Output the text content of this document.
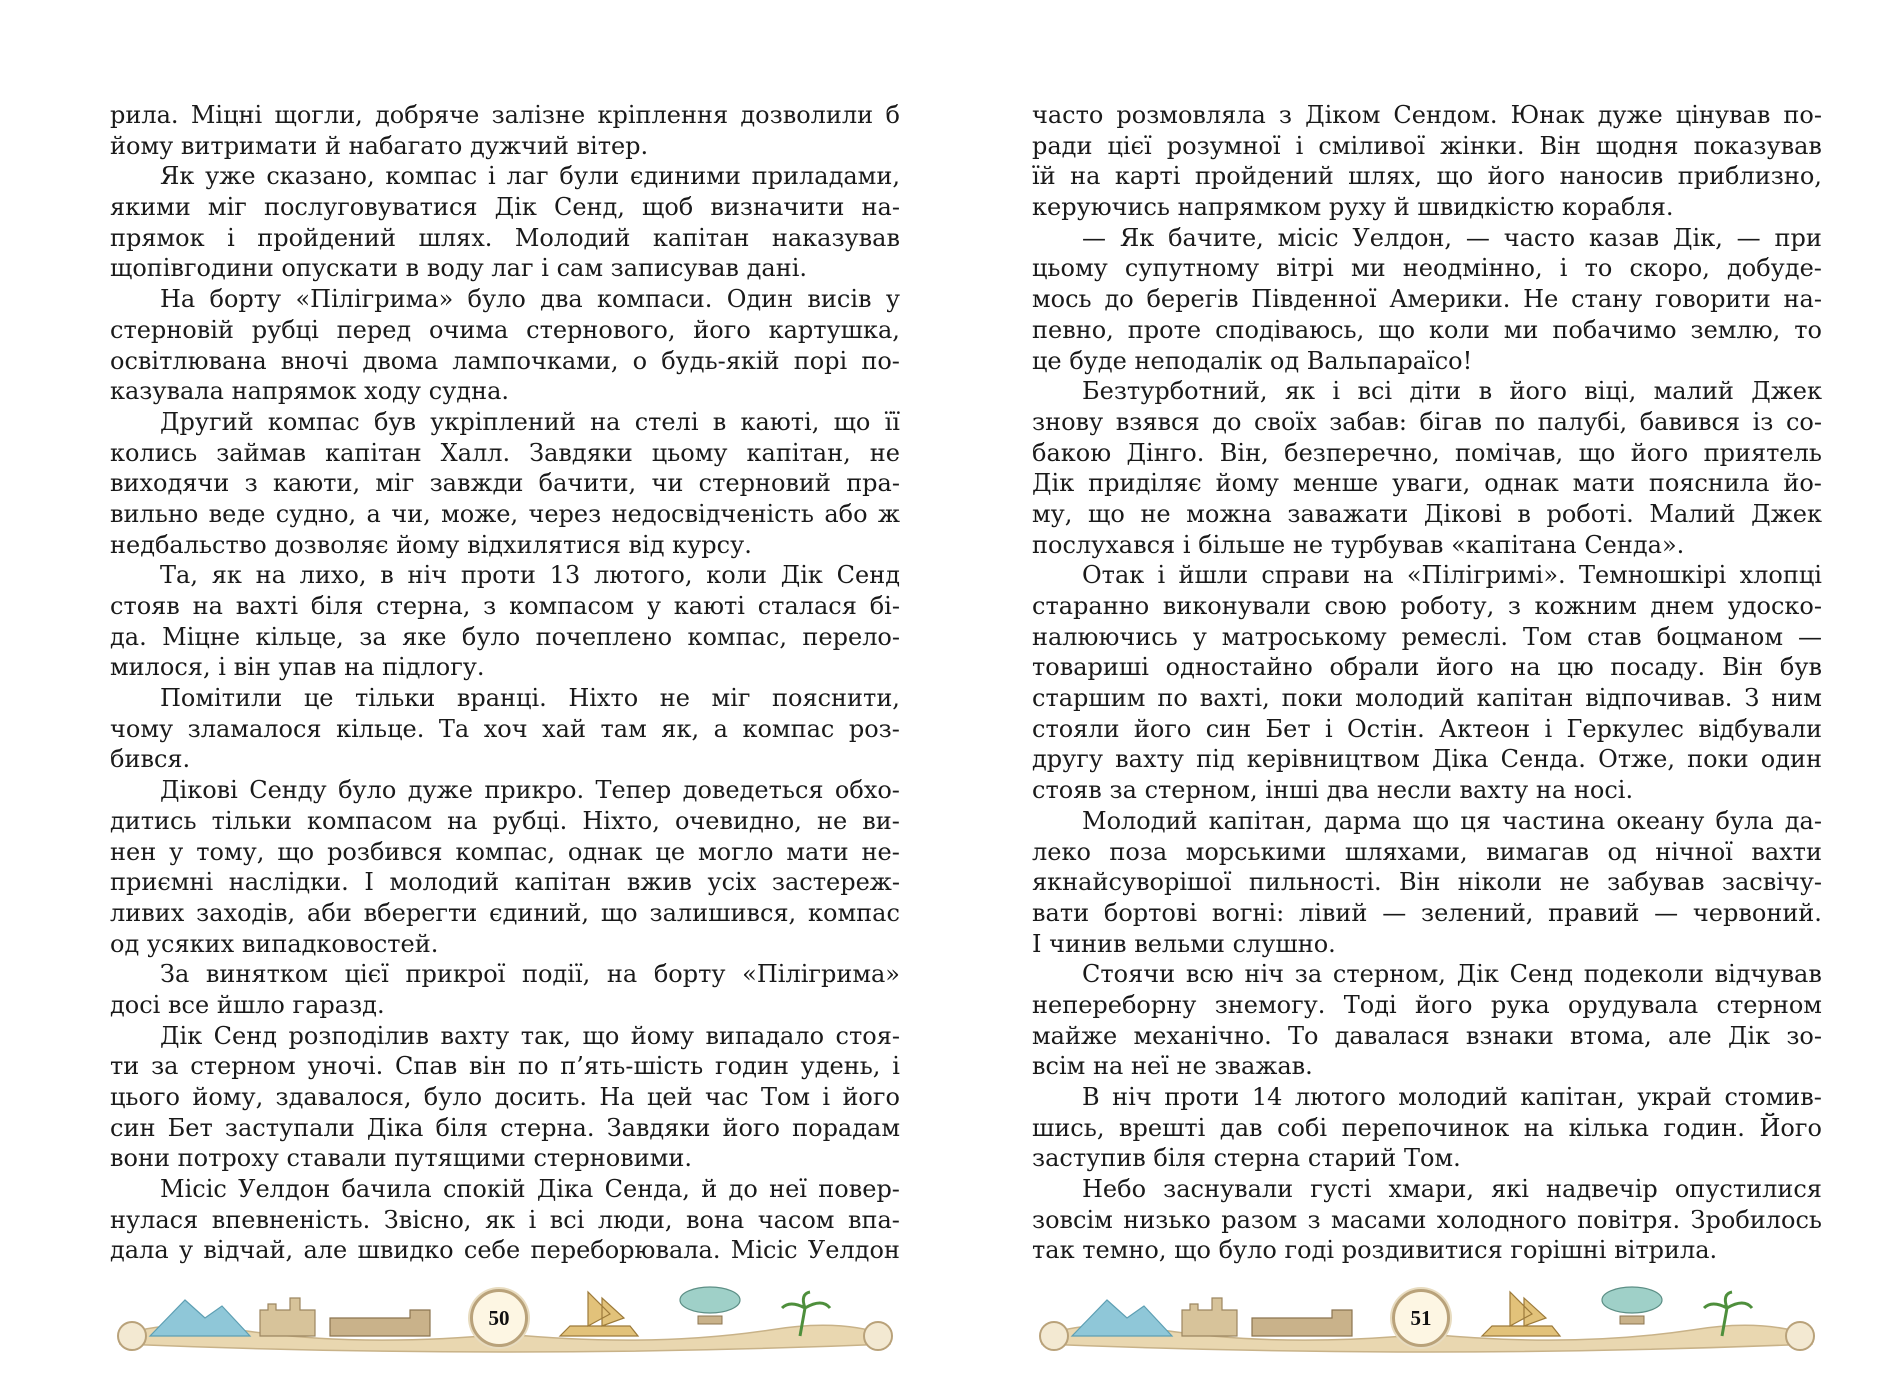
рила. Міцні щогли, добряче залізне кріплення дозволили б
йому витримати й набагато дужчий вітер.
Як уже сказано, компас і лаг були єдиними приладами,
якими міг послуговуватися Дік Сенд, щоб визначити на-
прямок і пройдений шлях. Молодий капітан наказував
щопівгодини опускати в воду лаг і сам записував дані.
На борту «Пілігрима» було два компаси. Один висів у
стерновій рубці перед очима стернового, його картушка,
освітлювана вночі двома лампочками, о будь-якій порі по-
казувала напрямок ходу судна.
Другий компас був укріплений на стелі в каюті, що її
колись займав капітан Халл. Завдяки цьому капітан, не
виходячи з каюти, міг завжди бачити, чи стерновий пра-
вильно веде судно, а чи, може, через недосвідченість або ж
недбальство дозволяє йому відхилятися від курсу.
Та, як на лихо, в ніч проти 13 лютого, коли Дік Сенд
стояв на вахті біля стерна, з компасом у каюті сталася бі-
да. Міцне кільце, за яке було почеплено компас, перело-
милося, і він упав на підлогу.
Помітили це тільки вранці. Ніхто не міг пояснити,
чому зламалося кільце. Та хоч хай там як, а компас роз-
бився.
Дікові Сенду було дуже прикро. Тепер доведеться обхо-
дитись тільки компасом на рубці. Ніхто, очевидно, не ви-
нен у тому, що розбився компас, однак це могло мати не-
приємні наслідки. І молодий капітан вжив усіх застереж-
ливих заходів, аби вберегти єдиний, що залишився, компас
од усяких випадковостей.
За винятком цієї прикрої події, на борту «Пілігрима»
досі все йшло гаразд.
Дік Сенд розподілив вахту так, що йому випадало стоя-
ти за стерном уночі. Спав він по п’ять-шість годин удень, і
цього йому, здавалося, було досить. На цей час Том і його
син Бет заступали Діка біля стерна. Завдяки його порадам
вони потроху ставали путящими стерновими.
Місіс Уелдон бачила спокій Діка Сенда, й до неї повер-
нулася впевненість. Звісно, як і всі люди, вона часом впа-
дала у відчай, але швидко себе переборювала. Місіс Уелдон
часто розмовляла з Діком Сендом. Юнак дуже цінував по-
ради цієї розумної і сміливої жінки. Він щодня показував
їй на карті пройдений шлях, що його наносив приблизно,
керуючись напрямком руху й швидкістю корабля.
— Як бачите, місіс Уелдон, — часто казав Дік, — при
цьому супутному вітрі ми неодмінно, і то скоро, добуде-
мось до берегів Південної Америки. Не стану говорити на-
певно, проте сподіваюсь, що коли ми побачимо землю, то
це буде неподалік од Вальпараїсо!
Безтурботний, як і всі діти в його віці, малий Джек
знову взявся до своїх забав: бігав по палубі, бавився із со-
бакою Дінго. Він, безперечно, помічав, що його приятель
Дік приділяє йому менше уваги, однак мати пояснила йо-
му, що не можна заважати Дікові в роботі. Малий Джек
послухався і більше не турбував «капітана Сенда».
Отак і йшли справи на «Пілігримі». Темношкірі хлопці
старанно виконували свою роботу, з кожним днем удоско-
налюючись у матроському ремеслі. Том став боцманом —
товариші одностайно обрали його на цю посаду. Він був
старшим по вахті, поки молодий капітан відпочивав. З ним
стояли його син Бет і Остін. Актеон і Геркулес відбували
другу вахту під керівництвом Діка Сенда. Отже, поки один
стояв за стерном, інші два несли вахту на носі.
Молодий капітан, дарма що ця частина океану була да-
леко поза морськими шляхами, вимагав од нічної вахти
якнайсуворішої пильності. Він ніколи не забував засвічу-
вати бортові вогні: лівий — зелений, правий — червоний.
І чинив вельми слушно.
Стоячи всю ніч за стерном, Дік Сенд подеколи відчував
непереборну знемогу. Тоді його рука орудувала стерном
майже механічно. То давалася взнаки втома, але Дік зо-
всім на неї не зважав.
В ніч проти 14 лютого молодий капітан, украй стомив-
шись, врешті дав собі перепочинок на кілька годин. Його
заступив біля стерна старий Том.
Небо заснували густі хмари, які надвечір опустилися
зовсім низько разом з масами холодного повітря. Зробилось
так темно, що було годі роздивитися горішні вітрила.
50	51
